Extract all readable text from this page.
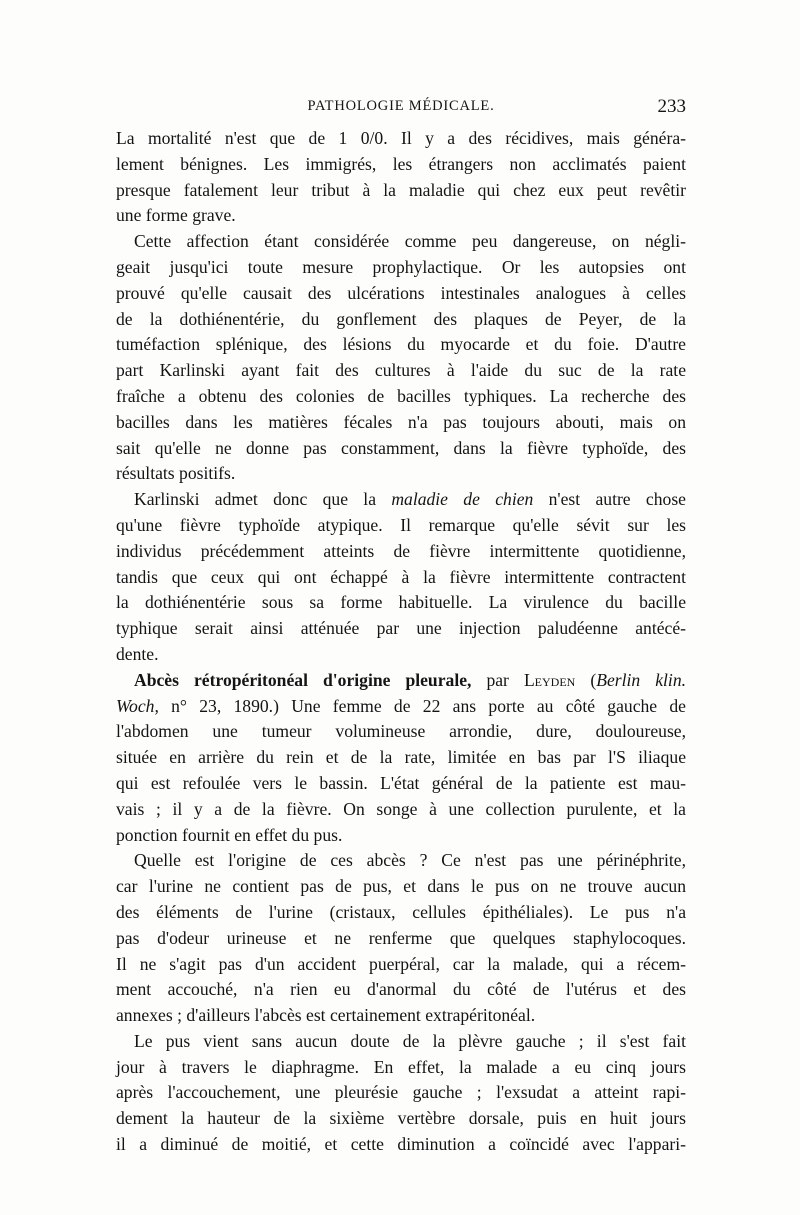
PATHOLOGIE MÉDICALE.	233
La mortalité n'est que de 1 0/0. Il y a des récidives, mais généra-
lement bénignes. Les immigrés, les étrangers non acclimatés paient
presque fatalement leur tribut à la maladie qui chez eux peut revêtir
une forme grave.
Cette affection étant considérée comme peu dangereuse, on négli-
geait jusqu'ici toute mesure prophylactique. Or les autopsies ont
prouvé qu'elle causait des ulcérations intestinales analogues à celles
de la dothiénentérie, du gonflement des plaques de Peyer, de la
tuméfaction splénique, des lésions du myocarde et du foie. D'autre
part Karlinski ayant fait des cultures à l'aide du suc de la rate
fraîche a obtenu des colonies de bacilles typhiques. La recherche des
bacilles dans les matières fécales n'a pas toujours abouti, mais on
sait qu'elle ne donne pas constamment, dans la fièvre typhoïde, des
résultats positifs.
Karlinski admet donc que la maladie de chien n'est autre chose
qu'une fièvre typhoïde atypique. Il remarque qu'elle sévit sur les
individus précédemment atteints de fièvre intermittente quotidienne,
tandis que ceux qui ont échappé à la fièvre intermittente contractent
la dothiénentérie sous sa forme habituelle. La virulence du bacille
typhique serait ainsi atténuée par une injection paludéenne antécé-
dente.
Abcès rétropéritonéal d'origine pleurale, par Leyden (Berlin klin.
Woch, n° 23, 1890.) Une femme de 22 ans porte au côté gauche de
l'abdomen une tumeur volumineuse arrondie, dure, douloureuse,
située en arrière du rein et de la rate, limitée en bas par l'S iliaque
qui est refoulée vers le bassin. L'état général de la patiente est mau-
vais ; il y a de la fièvre. On songe à une collection purulente, et la
ponction fournit en effet du pus.
Quelle est l'origine de ces abcès ? Ce n'est pas une périnéphrite,
car l'urine ne contient pas de pus, et dans le pus on ne trouve aucun
des éléments de l'urine (cristaux, cellules épithéliales). Le pus n'a
pas d'odeur urineuse et ne renferme que quelques staphylocoques.
Il ne s'agit pas d'un accident puerpéral, car la malade, qui a récem-
ment accouché, n'a rien eu d'anormal du côté de l'utérus et des
annexes ; d'ailleurs l'abcès est certainement extrapéritonéal.
Le pus vient sans aucun doute de la plèvre gauche ; il s'est fait
jour à travers le diaphragme. En effet, la malade a eu cinq jours
après l'accouchement, une pleurésie gauche ; l'exsudat a atteint rapi-
dement la hauteur de la sixième vertèbre dorsale, puis en huit jours
il a diminué de moitié, et cette diminution a coïncidé avec l'appari-
